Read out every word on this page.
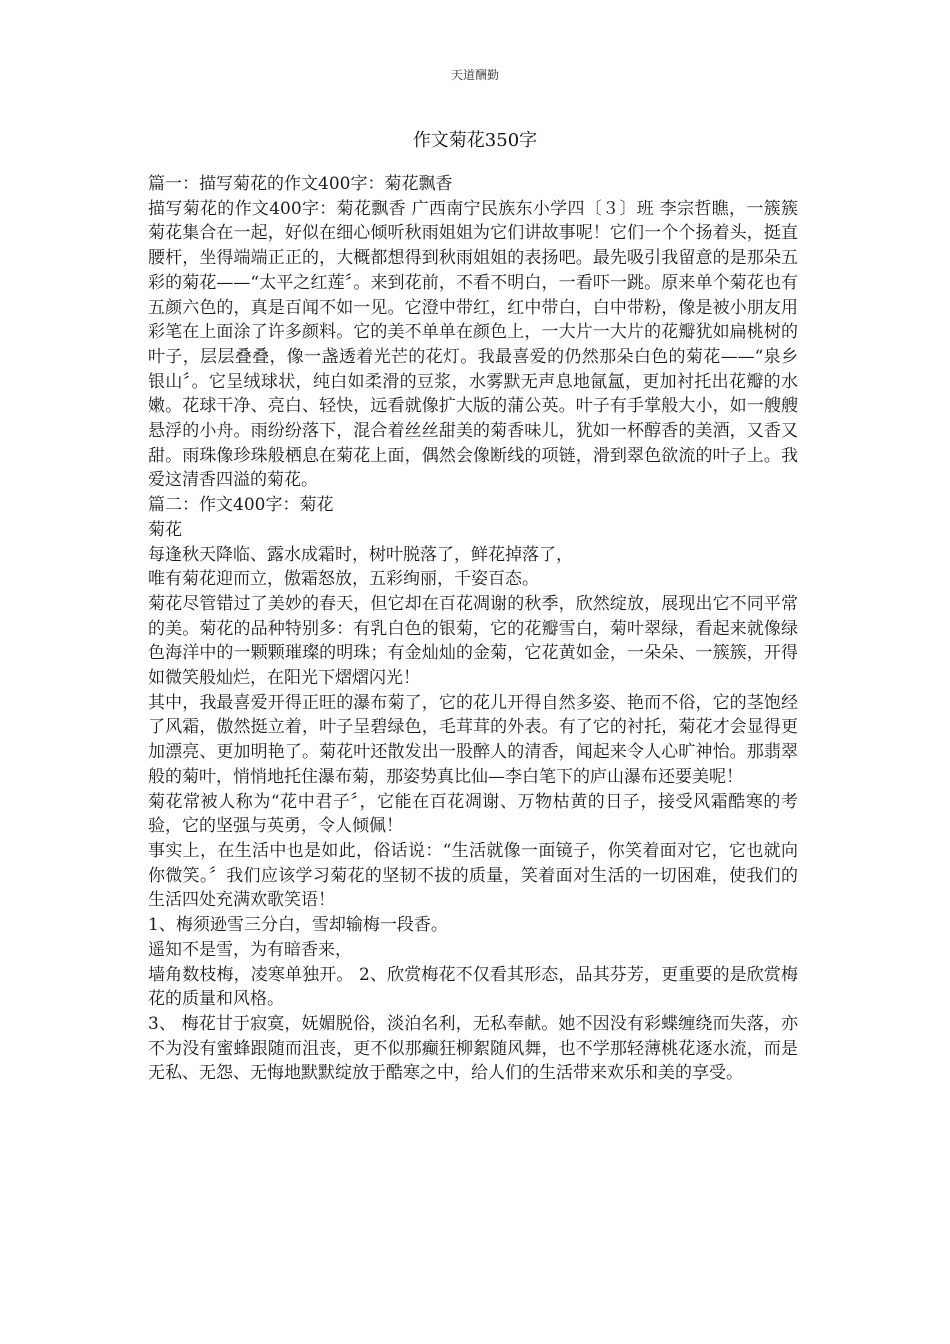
天道酬勤
作文菊花350字

篇一：描写菊花的作文400字：菊花飘香

描写菊花的作文400字：菊花飘香 广西南宁民族东小学四〔３〕班 李宗哲瞧，一簇簇菊花集合在一起，好似在细心倾听秋雨姐姐为它们讲故事呢！它们一个个扬着头，挺直腰杆，坐得端端正正的，大概都想得到秋雨姐姐的表扬吧。最先吸引我留意的是那朵五彩的菊花——“太平之红莲〞。来到花前，不看不明白，一看吓一跳。原来单个菊花也有五颜六色的，真是百闻不如一见。它澄中带红，红中带白，白中带粉，像是被小朋友用彩笔在上面涂了许多颜料。它的美不单单在颜色上，一大片一大片的花瓣犹如扁桃树的叶子，层层叠叠，像一盏透着光芒的花灯。我最喜爱的仍然那朵白色的菊花——“泉乡银山〞。它呈绒球状，纯白如柔滑的豆浆，水雾默无声息地氤氲，更加衬托出花瓣的水嫩。花球干净、亮白、轻快，远看就像扩大版的蒲公英。叶子有手掌般大小，如一艘艘悬浮的小舟。雨纷纷落下，混合着丝丝甜美的菊香味儿，犹如一杯醇香的美酒，又香又甜。雨珠像珍珠般栖息在菊花上面，偶然会像断线的项链，滑到翠色欲流的叶子上。我爱这清香四溢的菊花。

篇二：作文400字：菊花

菊花

每逢秋天降临、露水成霜时，树叶脱落了，鲜花掉落了，

唯有菊花迎而立，傲霜怒放，五彩绚丽，千姿百态。

菊花尽管错过了美妙的春天，但它却在百花凋谢的秋季，欣然绽放，展现出它不同平常的美。菊花的品种特别多：有乳白色的银菊，它的花瓣雪白，菊叶翠绿，看起来就像绿色海洋中的一颗颗璀璨的明珠；有金灿灿的金菊，它花黄如金，一朵朵、一簇簇，开得如微笑般灿烂，在阳光下熠熠闪光！

其中，我最喜爱开得正旺的瀑布菊了，它的花儿开得自然多姿、艳而不俗，它的茎饱经了风霜，傲然挺立着，叶子呈碧绿色，毛茸茸的外表。有了它的衬托，菊花才会显得更加漂亮、更加明艳了。菊花叶还散发出一股醉人的清香，闻起来令人心旷神怡。那翡翠般的菊叶，悄悄地托住瀑布菊，那姿势真比仙—李白笔下的庐山瀑布还要美呢！

菊花常被人称为“花中君子〞，它能在百花凋谢、万物枯黄的日子，接受风霜酷寒的考验，它的坚强与英勇，令人倾佩！

事实上，在生活中也是如此，俗话说：“生活就像一面镜子，你笑着面对它，它也就向你微笑。〞我们应该学习菊花的坚韧不拔的质量，笑着面对生活的一切困难，使我们的生活四处充满欢歌笑语！

1、梅须逊雪三分白，雪却输梅一段香。

遥知不是雪，为有暗香来，

墙角数枝梅，凌寒单独开。 2、欣赏梅花不仅看其形态，品其芬芳，更重要的是欣赏梅花的质量和风格。

3、 梅花甘于寂寞，妩媚脱俗，淡泊名利，无私奉献。她不因没有彩蝶缠绕而失落，亦不为没有蜜蜂跟随而沮丧，更不似那癫狂柳絮随风舞，也不学那轻薄桃花逐水流，而是无私、无怨、无悔地默默绽放于酷寒之中，给人们的生活带来欢乐和美的享受。
